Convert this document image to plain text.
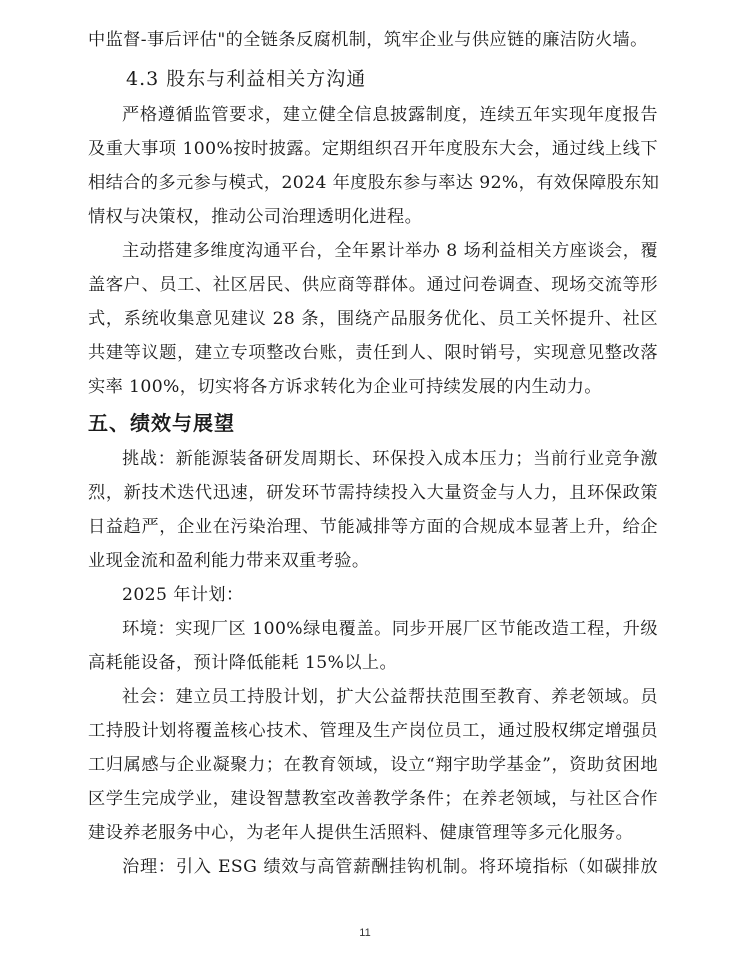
中监督-事后评估"的全链条反腐机制，筑牢企业与供应链的廉洁防火墙。
4.3 股东与利益相关方沟通
严格遵循监管要求，建立健全信息披露制度，连续五年实现年度报告
及重大事项 100%按时披露。定期组织召开年度股东大会，通过线上线下
相结合的多元参与模式，2024 年度股东参与率达 92%，有效保障股东知
情权与决策权，推动公司治理透明化进程。
主动搭建多维度沟通平台，全年累计举办 8 场利益相关方座谈会，覆
盖客户、员工、社区居民、供应商等群体。通过问卷调查、现场交流等形
式，系统收集意见建议 28 条，围绕产品服务优化、员工关怀提升、社区
共建等议题，建立专项整改台账，责任到人、限时销号，实现意见整改落
实率 100%，切实将各方诉求转化为企业可持续发展的内生动力。
五、绩效与展望
挑战：新能源装备研发周期长、环保投入成本压力；当前行业竞争激
烈，新技术迭代迅速，研发环节需持续投入大量资金与人力，且环保政策
日益趋严，企业在污染治理、节能减排等方面的合规成本显著上升，给企
业现金流和盈利能力带来双重考验。
2025 年计划：
环境：实现厂区 100%绿电覆盖。同步开展厂区节能改造工程，升级
高耗能设备，预计降低能耗 15%以上。
社会：建立员工持股计划，扩大公益帮扶范围至教育、养老领域。员
工持股计划将覆盖核心技术、管理及生产岗位员工，通过股权绑定增强员
工归属感与企业凝聚力；在教育领域，设立“翔宇助学基金”，资助贫困地
区学生完成学业，建设智慧教室改善教学条件；在养老领域，与社区合作
建设养老服务中心，为老年人提供生活照料、健康管理等多元化服务。
治理：引入 ESG 绩效与高管薪酬挂钩机制。将环境指标（如碳排放
11
